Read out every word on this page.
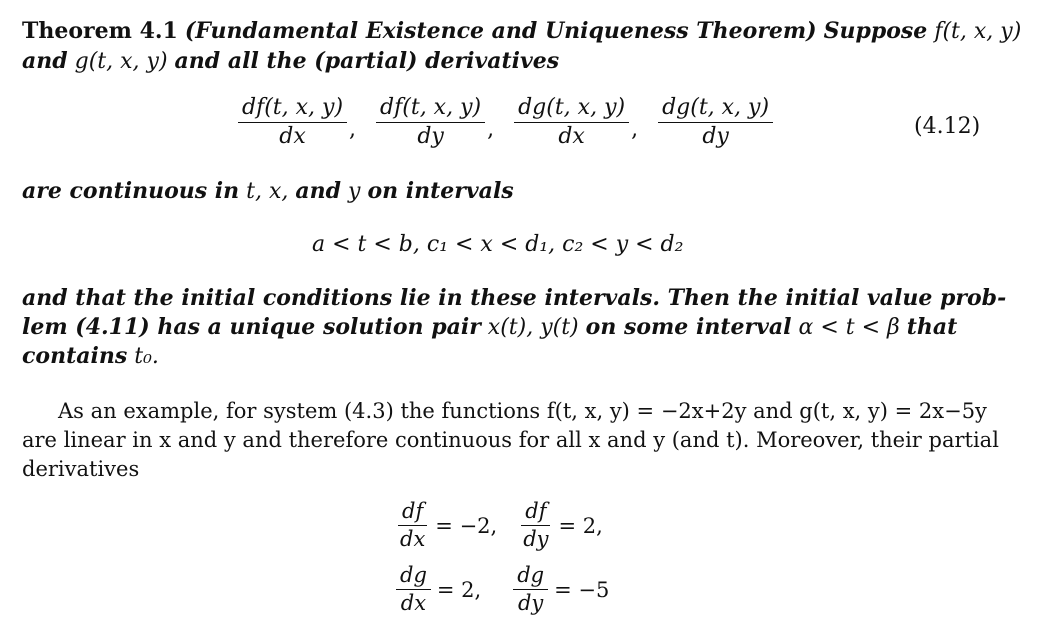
Theorem 4.1 (Fundamental Existence and Uniqueness Theorem) Suppose f(t, x, y)
and g(t, x, y) and all the (partial) derivatives
$\frac{df(t, x, y)}{dx}$ , $\frac{df(t, x, y)}{dy}$ , $\frac{dg(t, x, y)}{dx}$ , $\frac{dg(t, x, y)}{dy}$	(4.12)
are continuous in t, x, and y on intervals
a < t < b, c₁ < x < d₁, c₂ < y < d₂
and that the initial conditions lie in these intervals. Then the initial value prob-
lem (4.11) has a unique solution pair x(t), y(t) on some interval α < t < β that
contains t₀.
As an example, for system (4.3) the functions f(t, x, y) = −2x+2y and g(t, x, y) = 2x−5y
are linear in x and y and therefore continuous for all x and y (and t). Moreover, their partial
derivatives
$\frac{df}{dx} = -2$, $\frac{df}{dy} = 2$,
$\frac{dg}{dx} = 2$, $\frac{dg}{dy} = -5$
